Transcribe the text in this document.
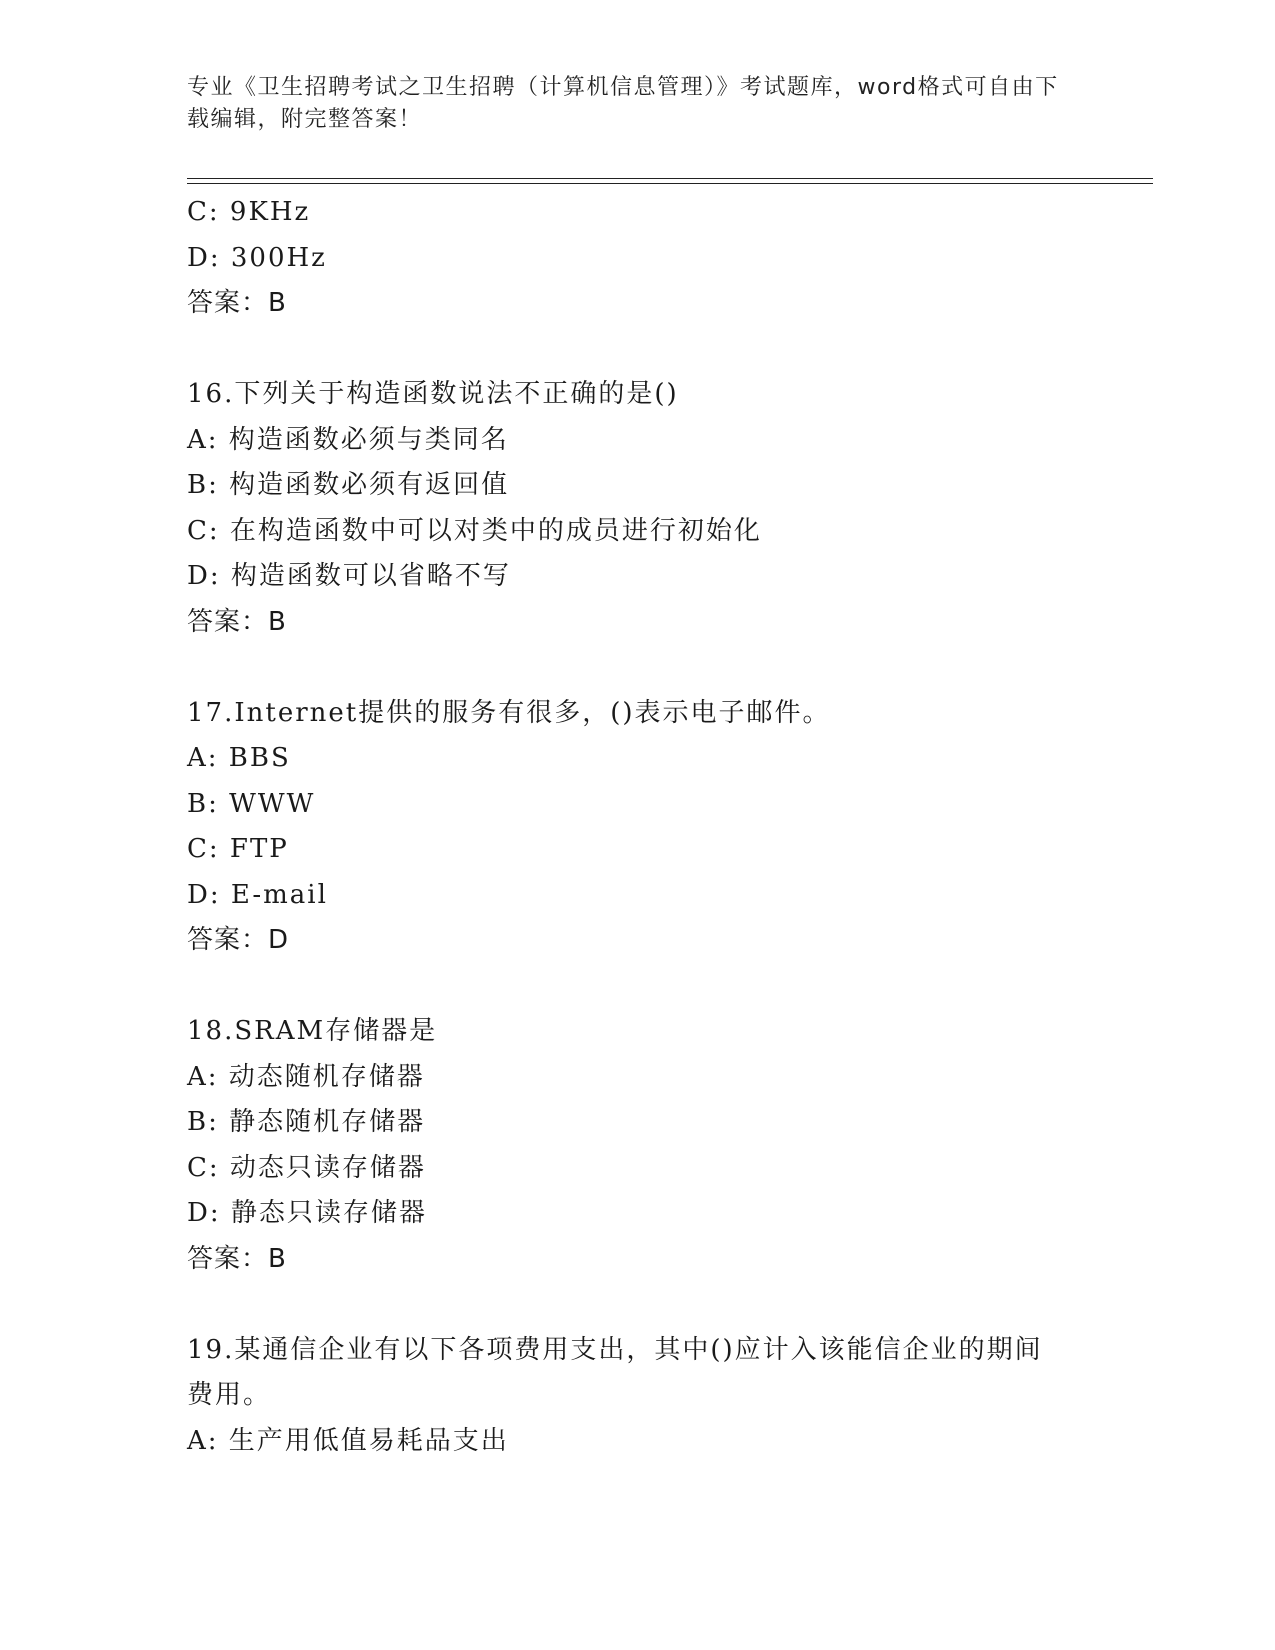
专业《卫生招聘考试之卫生招聘（计算机信息管理）》考试题库，word格式可自由下载编辑，附完整答案！
C: 9KHz
D: 300Hz
答案：B
16.下列关于构造函数说法不正确的是()
A: 构造函数必须与类同名
B: 构造函数必须有返回值
C: 在构造函数中可以对类中的成员进行初始化
D: 构造函数可以省略不写
答案：B
17.Internet提供的服务有很多，()表示电子邮件。
A: BBS
B: WWW
C: FTP
D: E-mail
答案：D
18.SRAM存储器是
A: 动态随机存储器
B: 静态随机存储器
C: 动态只读存储器
D: 静态只读存储器
答案：B
19.某通信企业有以下各项费用支出，其中()应计入该能信企业的期间费用。
A: 生产用低值易耗品支出
